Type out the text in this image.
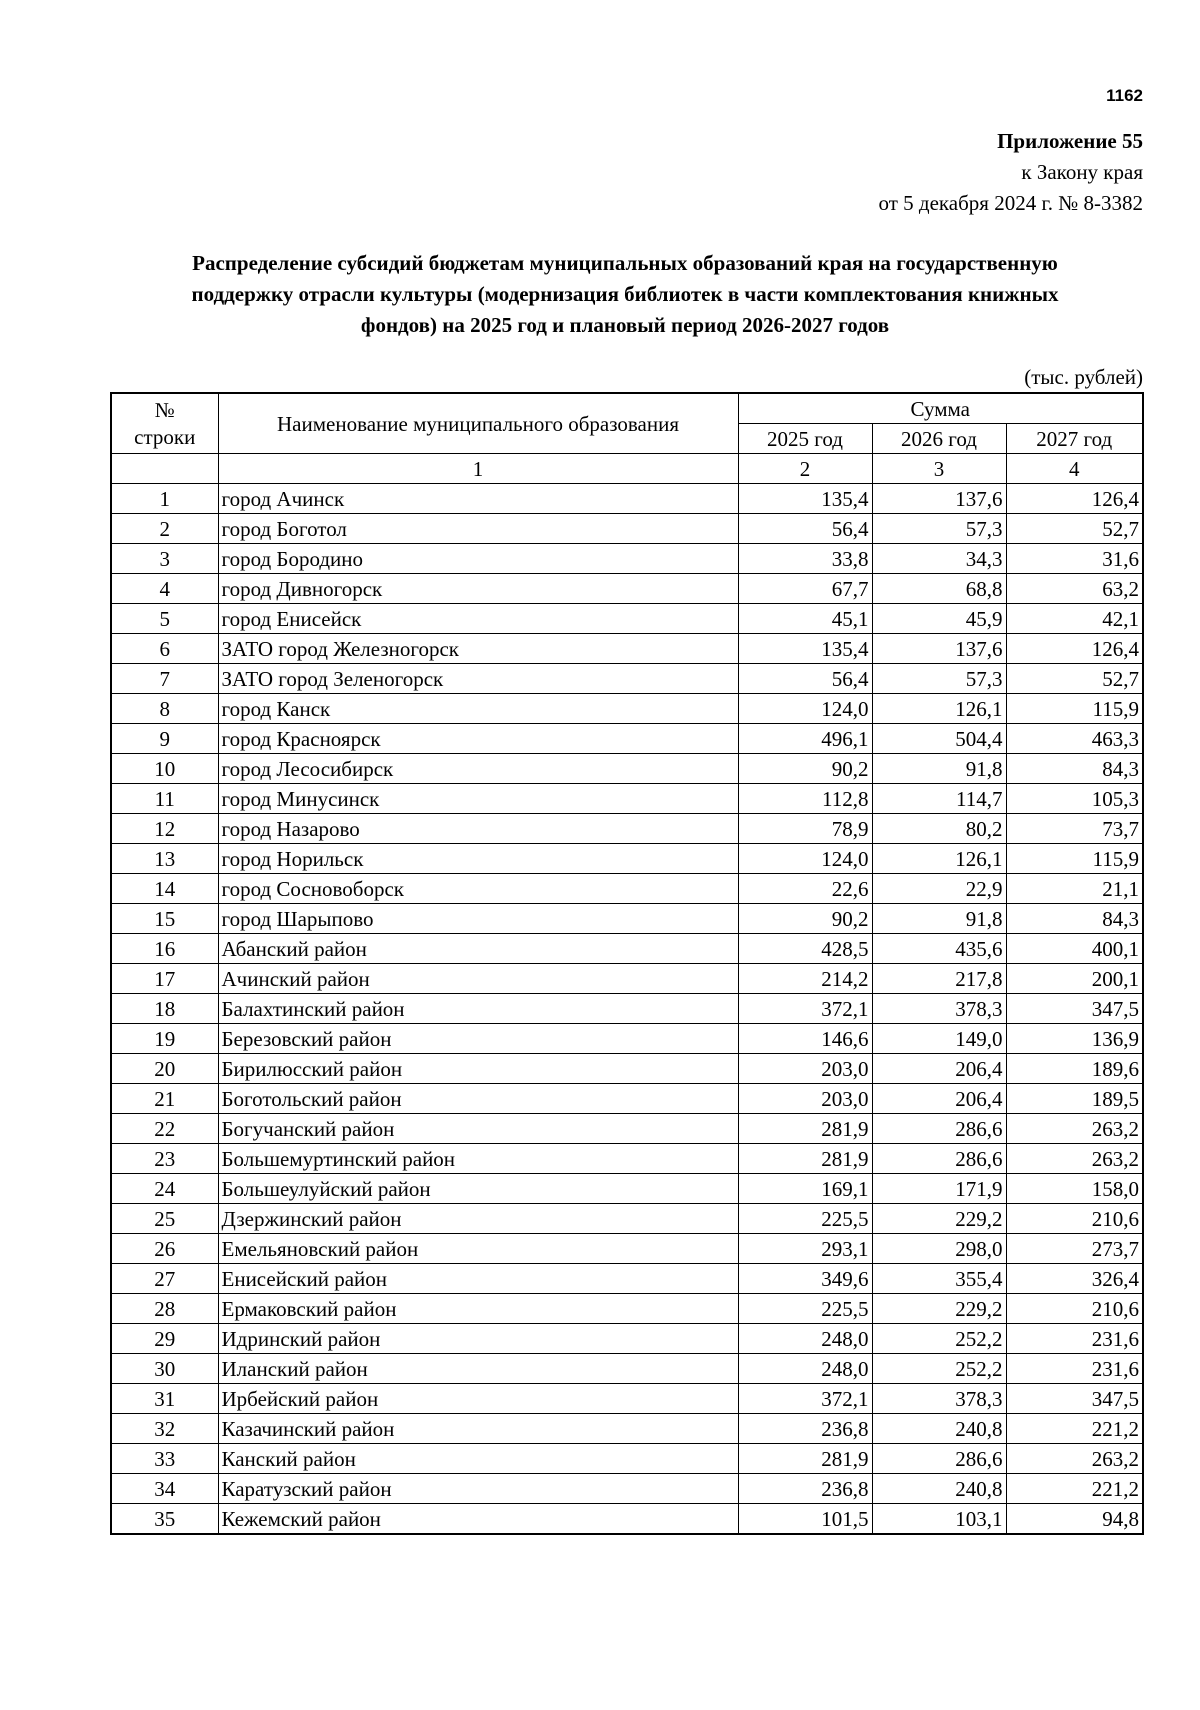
1162
Приложение 55
к Закону края
от 5 декабря 2024 г. № 8-3382
Распределение субсидий бюджетам муниципальных образований края на государственную
поддержку отрасли культуры (модернизация библиотек в части комплектования книжных
фондов) на 2025 год и плановый период 2026-2027 годов
(тыс. рублей)
№
строки	Наименование муниципального образования	Сумма		
		2025 год	2026 год	2027 год
	1	2	3	4
1	город Ачинск	135,4	137,6	126,4
2	город Боготол	56,4	57,3	52,7
3	город Бородино	33,8	34,3	31,6
4	город Дивногорск	67,7	68,8	63,2
5	город Енисейск	45,1	45,9	42,1
6	ЗАТО город Железногорск	135,4	137,6	126,4
7	ЗАТО город Зеленогорск	56,4	57,3	52,7
8	город Канск	124,0	126,1	115,9
9	город Красноярск	496,1	504,4	463,3
10	город Лесосибирск	90,2	91,8	84,3
11	город Минусинск	112,8	114,7	105,3
12	город Назарово	78,9	80,2	73,7
13	город Норильск	124,0	126,1	115,9
14	город Сосновоборск	22,6	22,9	21,1
15	город Шарыпово	90,2	91,8	84,3
16	Абанский район	428,5	435,6	400,1
17	Ачинский район	214,2	217,8	200,1
18	Балахтинский район	372,1	378,3	347,5
19	Березовский район	146,6	149,0	136,9
20	Бирилюсский район	203,0	206,4	189,6
21	Боготольский район	203,0	206,4	189,5
22	Богучанский район	281,9	286,6	263,2
23	Большемуртинский район	281,9	286,6	263,2
24	Большеулуйский район	169,1	171,9	158,0
25	Дзержинский район	225,5	229,2	210,6
26	Емельяновский район	293,1	298,0	273,7
27	Енисейский район	349,6	355,4	326,4
28	Ермаковский район	225,5	229,2	210,6
29	Идринский район	248,0	252,2	231,6
30	Иланский район	248,0	252,2	231,6
31	Ирбейский район	372,1	378,3	347,5
32	Казачинский район	236,8	240,8	221,2
33	Канский район	281,9	286,6	263,2
34	Каратузский район	236,8	240,8	221,2
35	Кежемский район	101,5	103,1	94,8
